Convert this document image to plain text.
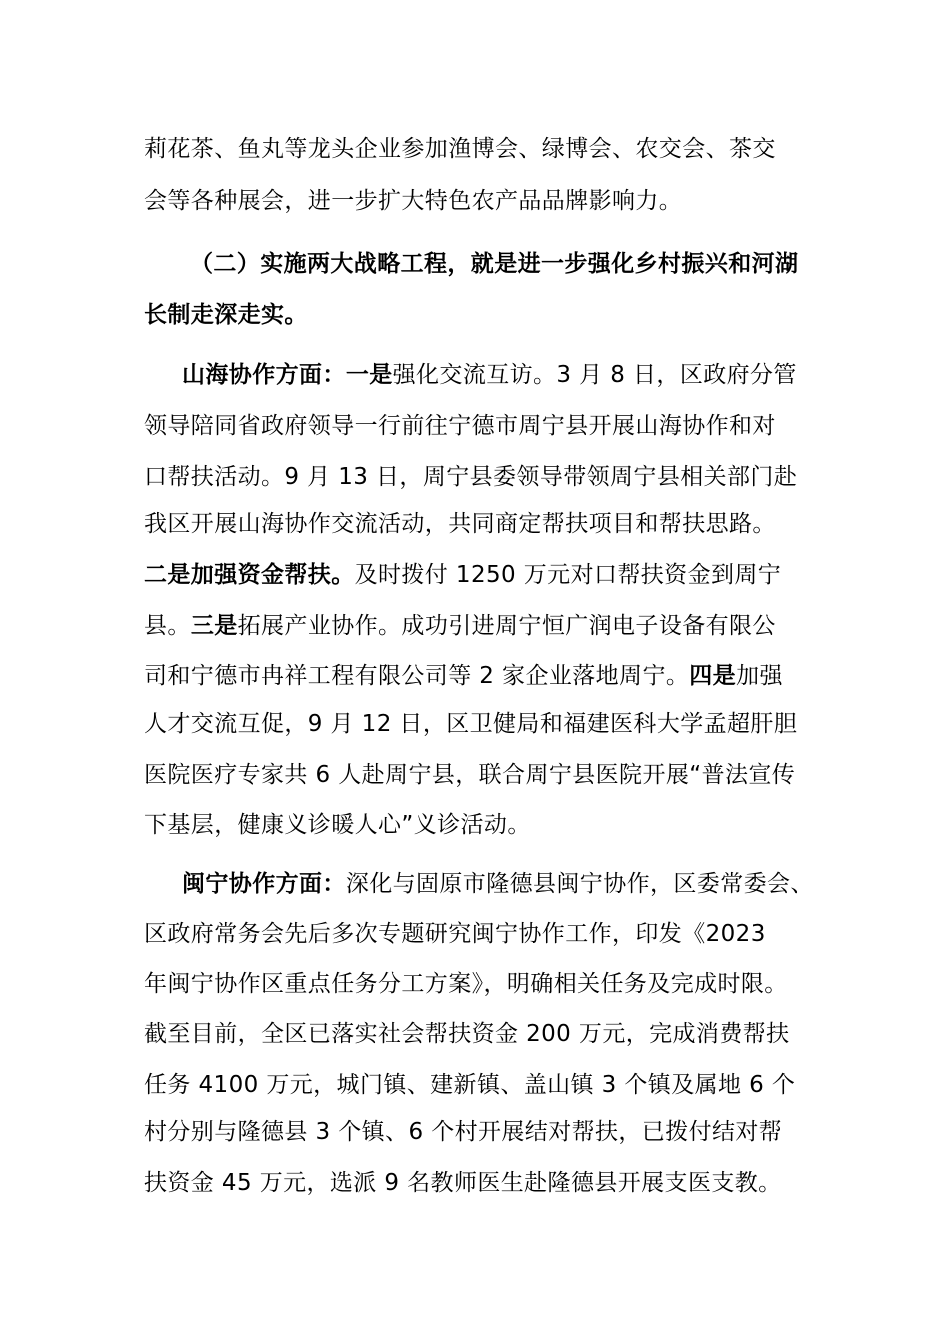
莉花茶、鱼丸等龙头企业参加渔博会、绿博会、农交会、茶交
会等各种展会，进一步扩大特色农产品品牌影响力。
（二）实施两大战略工程，就是进一步强化乡村振兴和河湖
长制走深走实。
山海协作方面：一是强化交流互访。3 月 8 日，区政府分管
领导陪同省政府领导一行前往宁德市周宁县开展山海协作和对
口帮扶活动。9 月 13 日，周宁县委领导带领周宁县相关部门赴
我区开展山海协作交流活动，共同商定帮扶项目和帮扶思路。
二是加强资金帮扶。及时拨付 1250 万元对口帮扶资金到周宁
县。三是拓展产业协作。成功引进周宁恒广润电子设备有限公
司和宁德市冉祥工程有限公司等 2 家企业落地周宁。四是加强
人才交流互促，9 月 12 日，区卫健局和福建医科大学孟超肝胆
医院医疗专家共 6 人赴周宁县，联合周宁县医院开展“普法宣传
下基层，健康义诊暖人心”义诊活动。
闽宁协作方面：深化与固原市隆德县闽宁协作，区委常委会、
区政府常务会先后多次专题研究闽宁协作工作，印发《2023
年闽宁协作区重点任务分工方案》，明确相关任务及完成时限。
截至目前，全区已落实社会帮扶资金 200 万元，完成消费帮扶
任务 4100 万元，城门镇、建新镇、盖山镇 3 个镇及属地 6 个
村分别与隆德县 3 个镇、6 个村开展结对帮扶，已拨付结对帮
扶资金 45 万元，选派 9 名教师医生赴隆德县开展支医支教。
